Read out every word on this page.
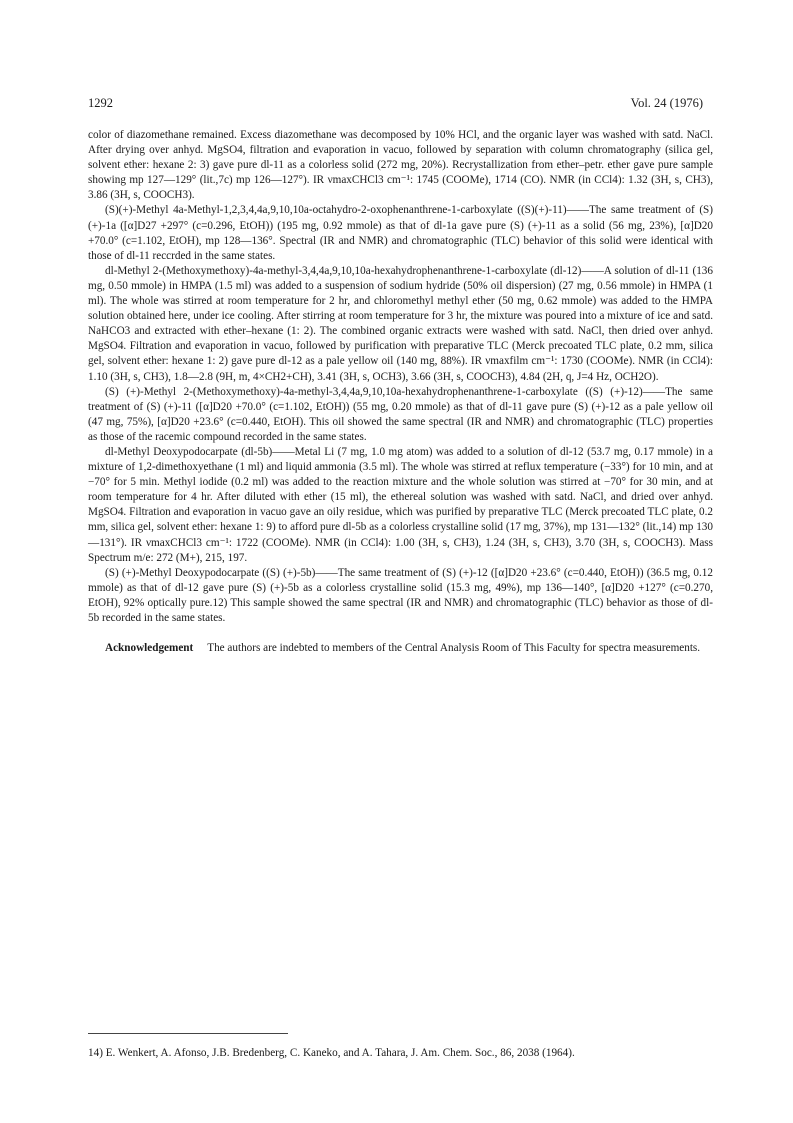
1292	Vol. 24 (1976)

color of diazomethane remained. Excess diazomethane was decomposed by 10% HCl, and the organic layer was washed with satd. NaCl. After drying over anhyd. MgSO4, filtration and evaporation in vacuo, followed by separation with column chromatography (silica gel, solvent ether: hexane 2: 3) gave pure dl-11 as a colorless solid (272 mg, 20%). Recrystallization from ether–petr. ether gave pure sample showing mp 127—129° (lit.,7c) mp 126—127°). IR νmaxCHCl3 cm⁻¹: 1745 (COOMe), 1714 (CO). NMR (in CCl4): 1.32 (3H, s, CH3), 3.86 (3H, s, COOCH3).

(S)(+)-Methyl 4a-Methyl-1,2,3,4,4a,9,10,10a-octahydro-2-oxophenanthrene-1-carboxylate ((S)(+)-11)——The same treatment of (S) (+)-1a ([α]D27 +297° (c=0.296, EtOH)) (195 mg, 0.92 mmole) as that of dl-1a gave pure (S) (+)-11 as a solid (56 mg, 23%), [α]D20 +70.0° (c=1.102, EtOH), mp 128—136°. Spectral (IR and NMR) and chromatographic (TLC) behavior of this solid were identical with those of dl-11 reccrded in the same states.

dl-Methyl 2-(Methoxymethoxy)-4a-methyl-3,4,4a,9,10,10a-hexahydrophenanthrene-1-carboxylate (dl-12)——A solution of dl-11 (136 mg, 0.50 mmole) in HMPA (1.5 ml) was added to a suspension of sodium hydride (50% oil dispersion) (27 mg, 0.56 mmole) in HMPA (1 ml). The whole was stirred at room temperature for 2 hr, and chloromethyl methyl ether (50 mg, 0.62 mmole) was added to the HMPA solution obtained here, under ice cooling. After stirring at room temperature for 3 hr, the mixture was poured into a mixture of ice and satd. NaHCO3 and extracted with ether–hexane (1: 2). The combined organic extracts were washed with satd. NaCl, then dried over anhyd. MgSO4. Filtration and evaporation in vacuo, followed by purification with preparative TLC (Merck precoated TLC plate, 0.2 mm, silica gel, solvent ether: hexane 1: 2) gave pure dl-12 as a pale yellow oil (140 mg, 88%). IR νmaxfilm cm⁻¹: 1730 (COOMe). NMR (in CCl4): 1.10 (3H, s, CH3), 1.8—2.8 (9H, m, 4×CH2+CH), 3.41 (3H, s, OCH3), 3.66 (3H, s, COOCH3), 4.84 (2H, q, J=4 Hz, OCH2O).

(S) (+)-Methyl 2-(Methoxymethoxy)-4a-methyl-3,4,4a,9,10,10a-hexahydrophenanthrene-1-carboxylate ((S) (+)-12)——The same treatment of (S) (+)-11 ([α]D20 +70.0° (c=1.102, EtOH)) (55 mg, 0.20 mmole) as that of dl-11 gave pure (S) (+)-12 as a pale yellow oil (47 mg, 75%), [α]D20 +23.6° (c=0.440, EtOH). This oil showed the same spectral (IR and NMR) and chromatographic (TLC) properties as those of the racemic compound recorded in the same states.

dl-Methyl Deoxypodocarpate (dl-5b)——Metal Li (7 mg, 1.0 mg atom) was added to a solution of dl-12 (53.7 mg, 0.17 mmole) in a mixture of 1,2-dimethoxyethane (1 ml) and liquid ammonia (3.5 ml). The whole was stirred at reflux temperature (−33°) for 10 min, and at −70° for 5 min. Methyl iodide (0.2 ml) was added to the reaction mixture and the whole solution was stirred at −70° for 30 min, and at room temperature for 4 hr. After diluted with ether (15 ml), the ethereal solution was washed with satd. NaCl, and dried over anhyd. MgSO4. Filtration and evaporation in vacuo gave an oily residue, which was purified by preparative TLC (Merck precoated TLC plate, 0.2 mm, silica gel, solvent ether: hexane 1: 9) to afford pure dl-5b as a colorless crystalline solid (17 mg, 37%), mp 131—132° (lit.,14) mp 130—131°). IR νmaxCHCl3 cm⁻¹: 1722 (COOMe). NMR (in CCl4): 1.00 (3H, s, CH3), 1.24 (3H, s, CH3), 3.70 (3H, s, COOCH3). Mass Spectrum m/e: 272 (M+), 215, 197.

(S) (+)-Methyl Deoxypodocarpate ((S) (+)-5b)——The same treatment of (S) (+)-12 ([α]D20 +23.6° (c=0.440, EtOH)) (36.5 mg, 0.12 mmole) as that of dl-12 gave pure (S) (+)-5b as a colorless crystalline solid (15.3 mg, 49%), mp 136—140°, [α]D20 +127° (c=0.270, EtOH), 92% optically pure.12) This sample showed the same spectral (IR and NMR) and chromatographic (TLC) behavior as those of dl-5b recorded in the same states.

Acknowledgement The authors are indebted to members of the Central Analysis Room of This Faculty for spectra measurements.

14) E. Wenkert, A. Afonso, J.B. Bredenberg, C. Kaneko, and A. Tahara, J. Am. Chem. Soc., 86, 2038 (1964).
